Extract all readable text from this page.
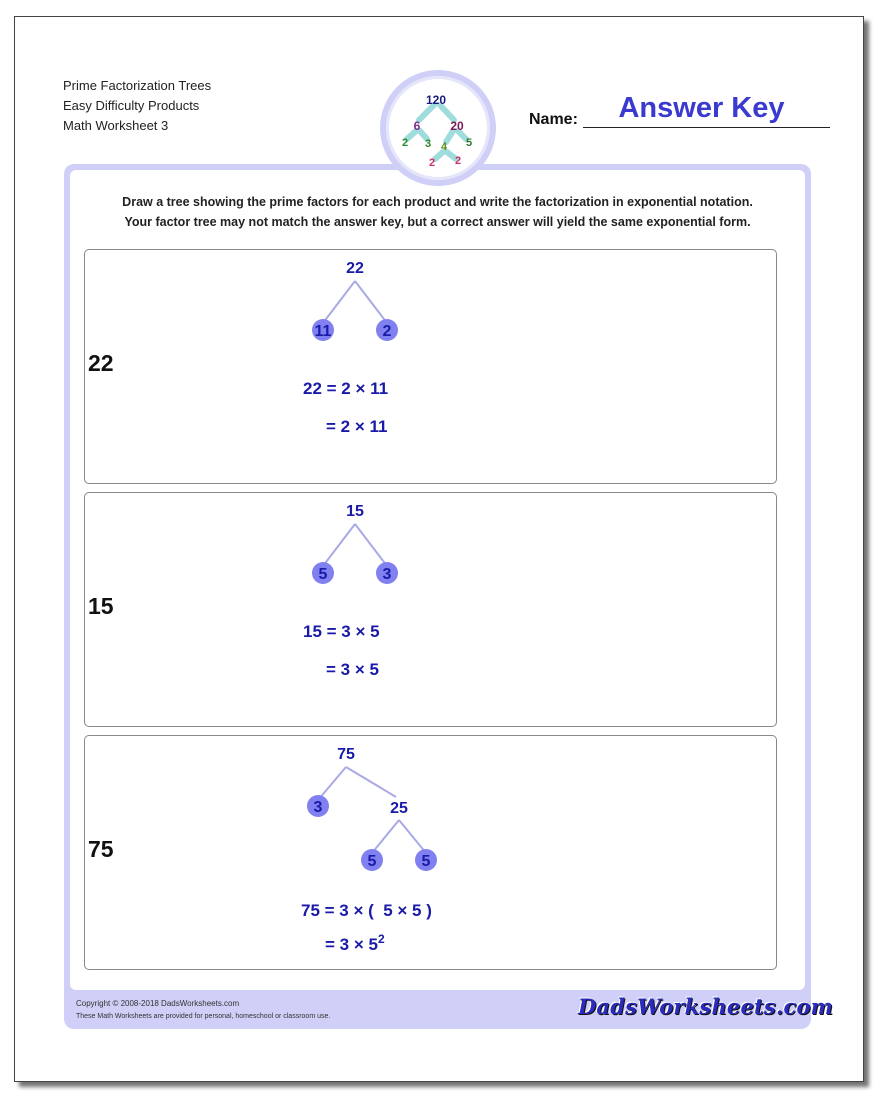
Prime Factorization Trees
Easy Difficulty Products
Math Worksheet 3
120
6 20
2 3 4 5
2 2
Answer Key
Name:
Draw a tree showing the prime factors for each product and write the factorization in exponential notation.
Your factor tree may not match the answer key, but a correct answer will yield the same exponential form.
22
22
11	2
22 = 2 × 11
= 2 × 11
15
15
5	3
15 = 3 × 5
= 3 × 5
75
75
3	25
5	5
75 = 3 × (  5 × 5 )
= $3 \times 5^2$
Copyright © 2008-2018 DadsWorksheets.com
These Math Worksheets are provided for personal, homeschool or classroom use.	DadsWorksheets.com
